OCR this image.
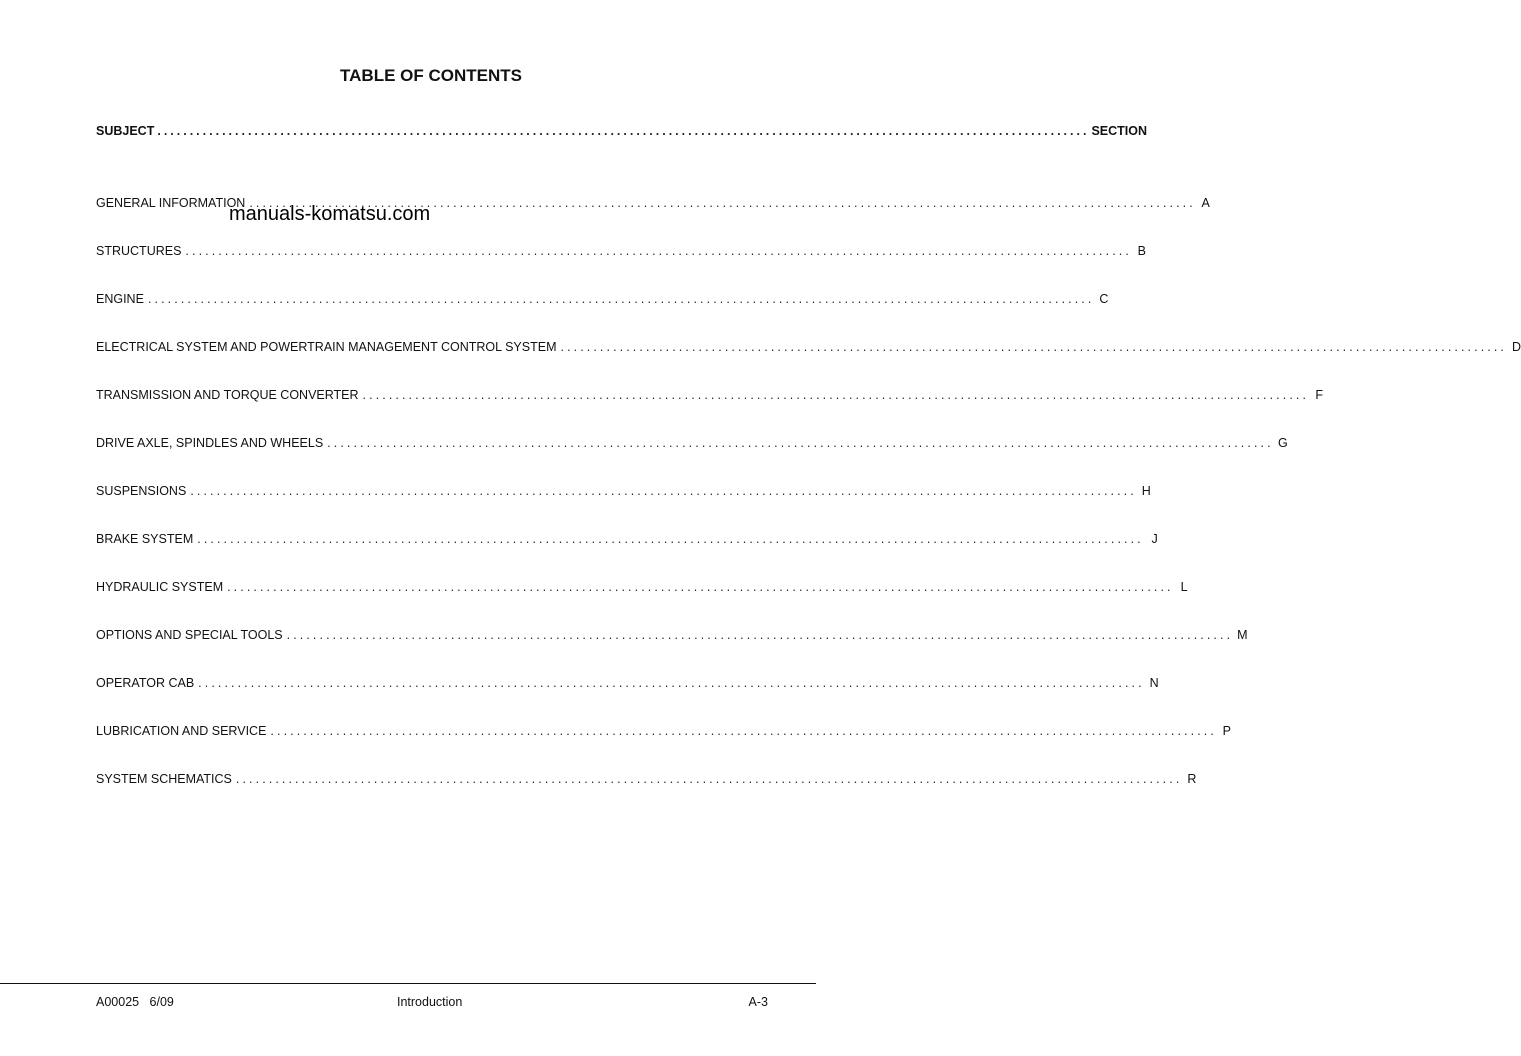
TABLE OF CONTENTS
SUBJECT ................................................................................................................................................ SECTION
GENERAL INFORMATION ................................................................................................................................................ A
STRUCTURES ................................................................................................................................................ B
ENGINE ................................................................................................................................................ C
ELECTRICAL SYSTEM AND POWERTRAIN MANAGEMENT CONTROL SYSTEM ................................................................................................................................................ D
TRANSMISSION AND TORQUE CONVERTER ................................................................................................................................................ F
DRIVE AXLE, SPINDLES AND WHEELS ................................................................................................................................................ G
SUSPENSIONS ................................................................................................................................................ H
BRAKE SYSTEM ................................................................................................................................................ J
HYDRAULIC SYSTEM ................................................................................................................................................ L
OPTIONS AND SPECIAL TOOLS ................................................................................................................................................ M
OPERATOR CAB ................................................................................................................................................ N
LUBRICATION AND SERVICE ................................................................................................................................................ P
SYSTEM SCHEMATICS ................................................................................................................................................ R
manuals-komatsu.com
A00025   6/09	Introduction	A-3
